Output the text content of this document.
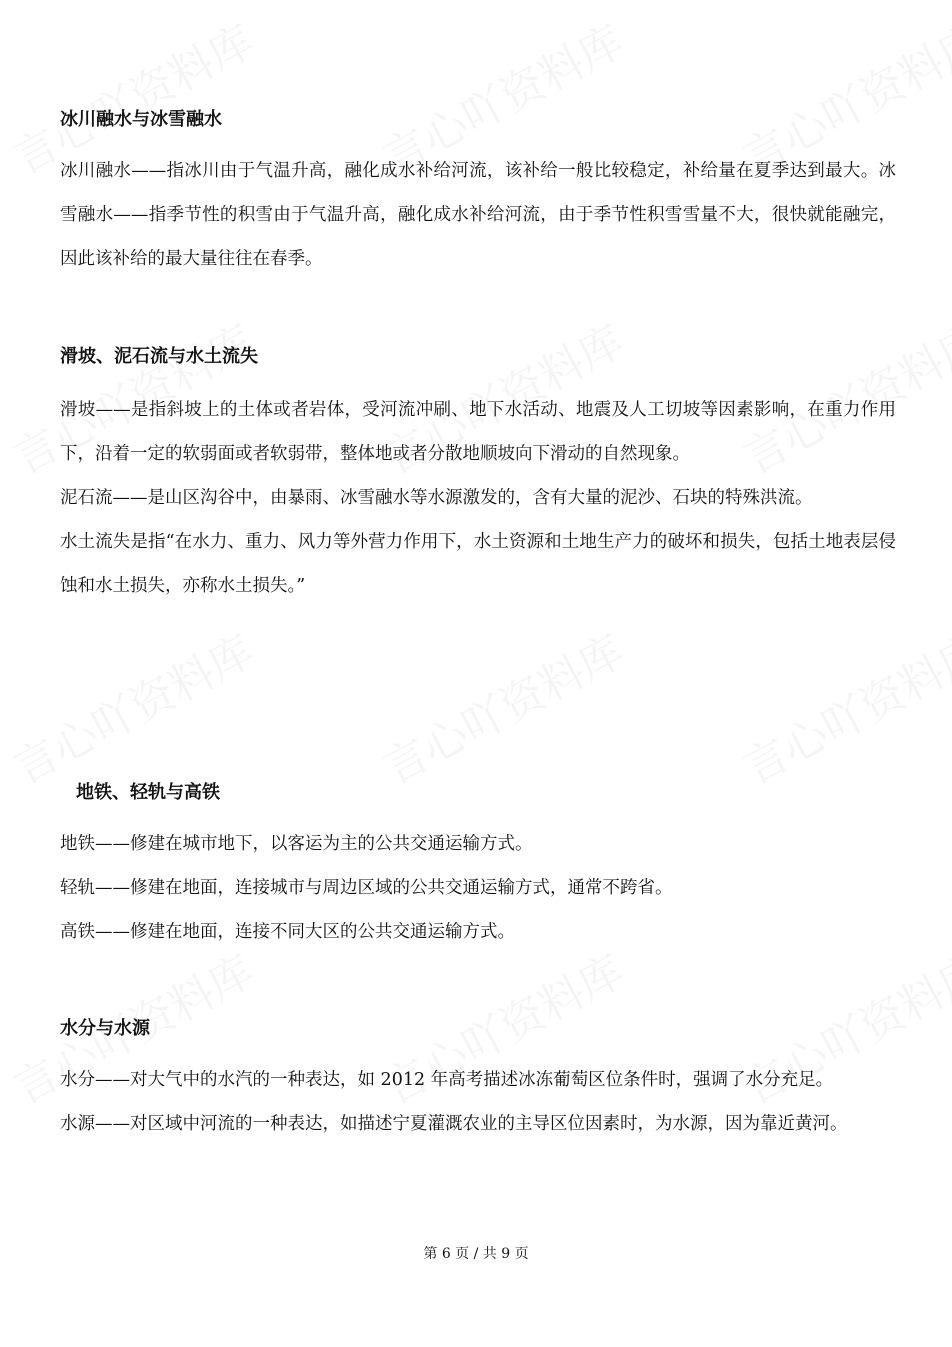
冰川融水与冰雪融水

冰川融水——指冰川由于气温升高，融化成水补给河流，该补给一般比较稳定，补给量在夏季达到最大。冰雪融水——指季节性的积雪由于气温升高，融化成水补给河流，由于季节性积雪雪量不大，很快就能融完，因此该补给的最大量往往在春季。

滑坡、泥石流与水土流失

滑坡——是指斜坡上的土体或者岩体，受河流冲刷、地下水活动、地震及人工切坡等因素影响，在重力作用下，沿着一定的软弱面或者软弱带，整体地或者分散地顺坡向下滑动的自然现象。

泥石流——是山区沟谷中，由暴雨、冰雪融水等水源激发的，含有大量的泥沙、石块的特殊洪流。

水土流失是指“在水力、重力、风力等外营力作用下，水土资源和土地生产力的破坏和损失，包括土地表层侵蚀和水土损失，亦称水土损失。”

地铁、轻轨与高铁

地铁——修建在城市地下，以客运为主的公共交通运输方式。

轻轨——修建在地面，连接城市与周边区域的公共交通运输方式，通常不跨省。

高铁——修建在地面，连接不同大区的公共交通运输方式。

水分与水源

水分——对大气中的水汽的一种表达，如 2012 年高考描述冰冻葡萄区位条件时，强调了水分充足。

水源——对区域中河流的一种表达，如描述宁夏灌溉农业的主导区位因素时，为水源，因为靠近黄河。

第 6 页 / 共 9 页
